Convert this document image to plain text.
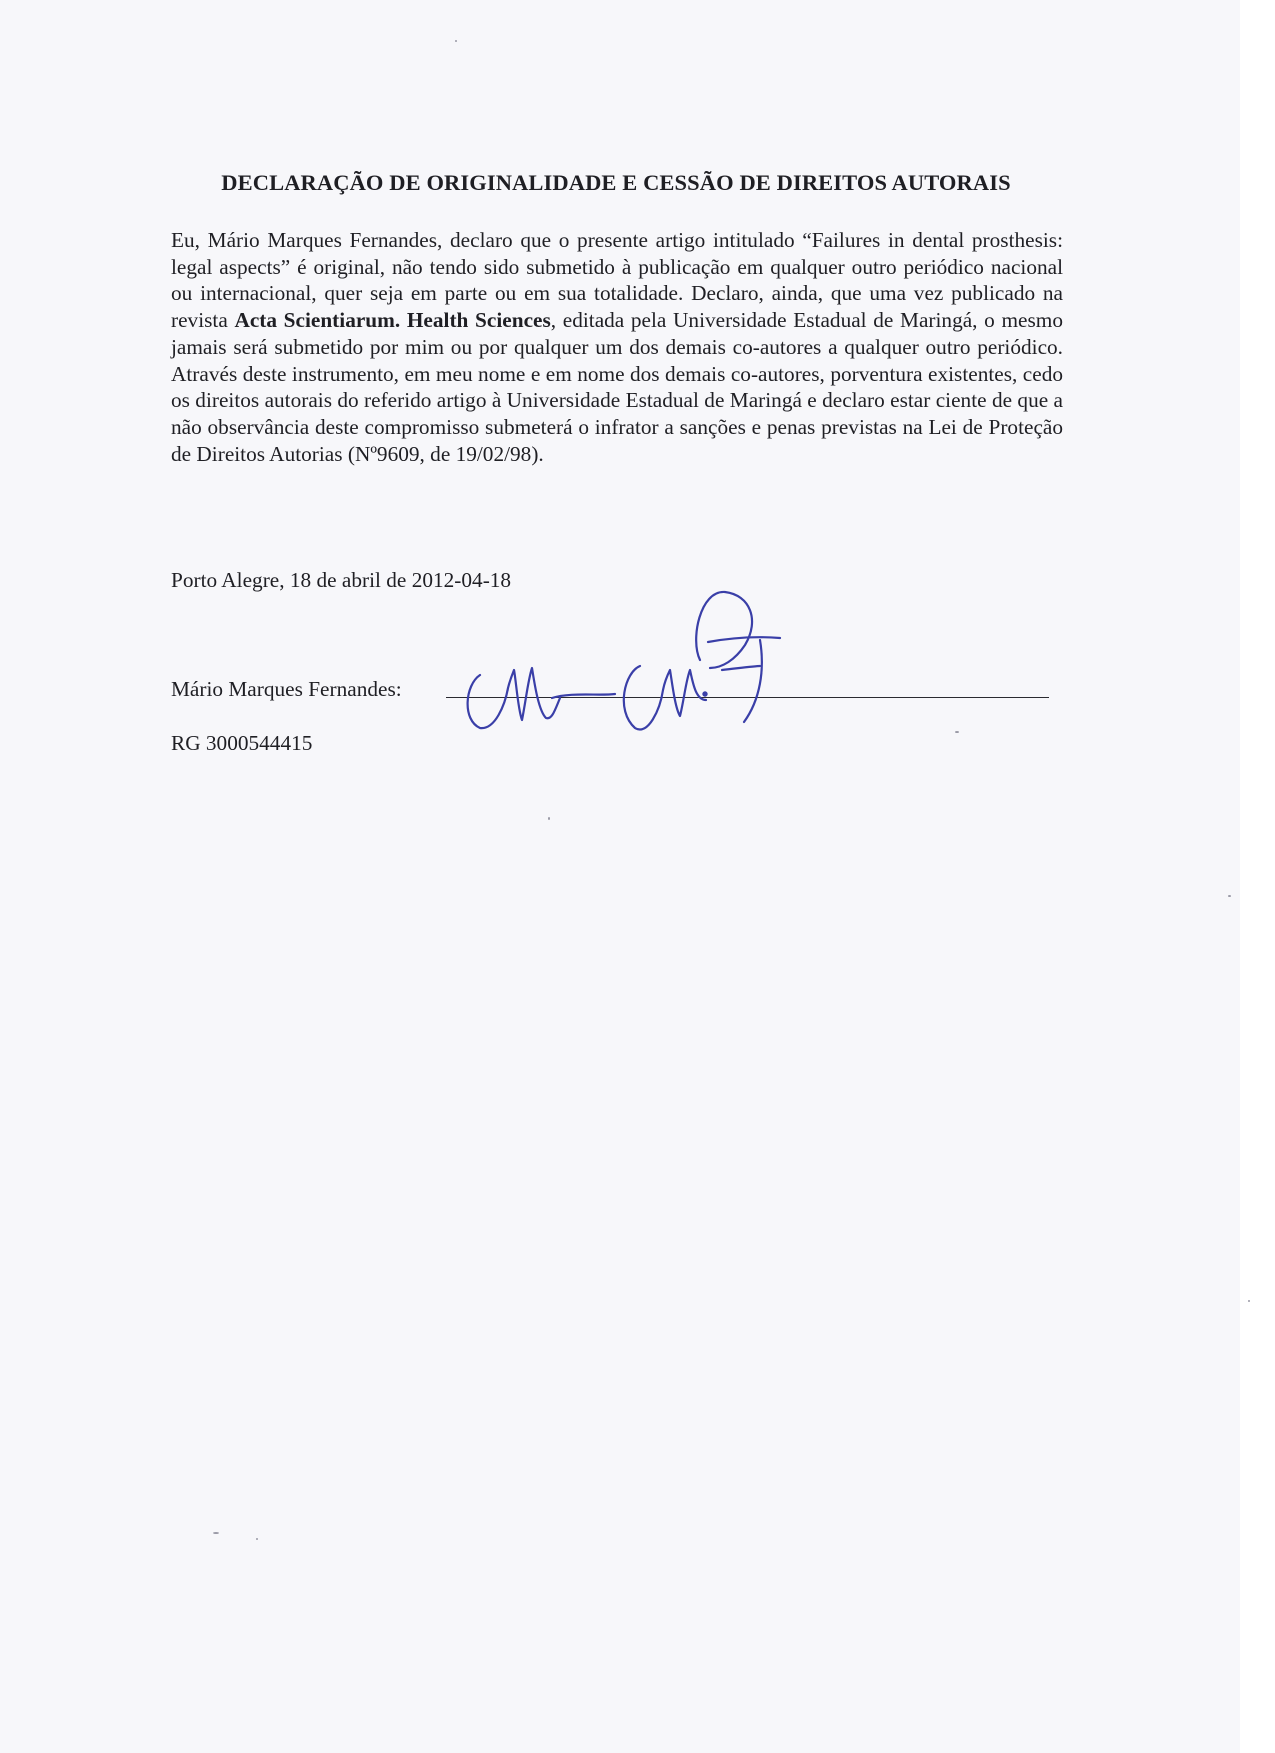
DECLARAÇÃO DE ORIGINALIDADE E CESSÃO DE DIREITOS AUTORAIS
Eu, Mário Marques Fernandes, declaro que o presente artigo intitulado “Failures in dental prosthesis: legal aspects” é original, não tendo sido submetido à publicação em qualquer outro periódico nacional ou internacional, quer seja em parte ou em sua totalidade. Declaro, ainda, que uma vez publicado na revista Acta Scientiarum. Health Sciences, editada pela Universidade Estadual de Maringá, o mesmo jamais será submetido por mim ou por qualquer um dos demais co-autores a qualquer outro periódico. Através deste instrumento, em meu nome e em nome dos demais co-autores, porventura existentes, cedo os direitos autorais do referido artigo à Universidade Estadual de Maringá e declaro estar ciente de que a não observância deste compromisso submeterá o infrator a sanções e penas previstas na Lei de Proteção de Direitos Autorias (Nº9609, de 19/02/98).
Porto Alegre, 18 de abril de 2012-04-18
Mário Marques Fernandes:
RG 3000544415
